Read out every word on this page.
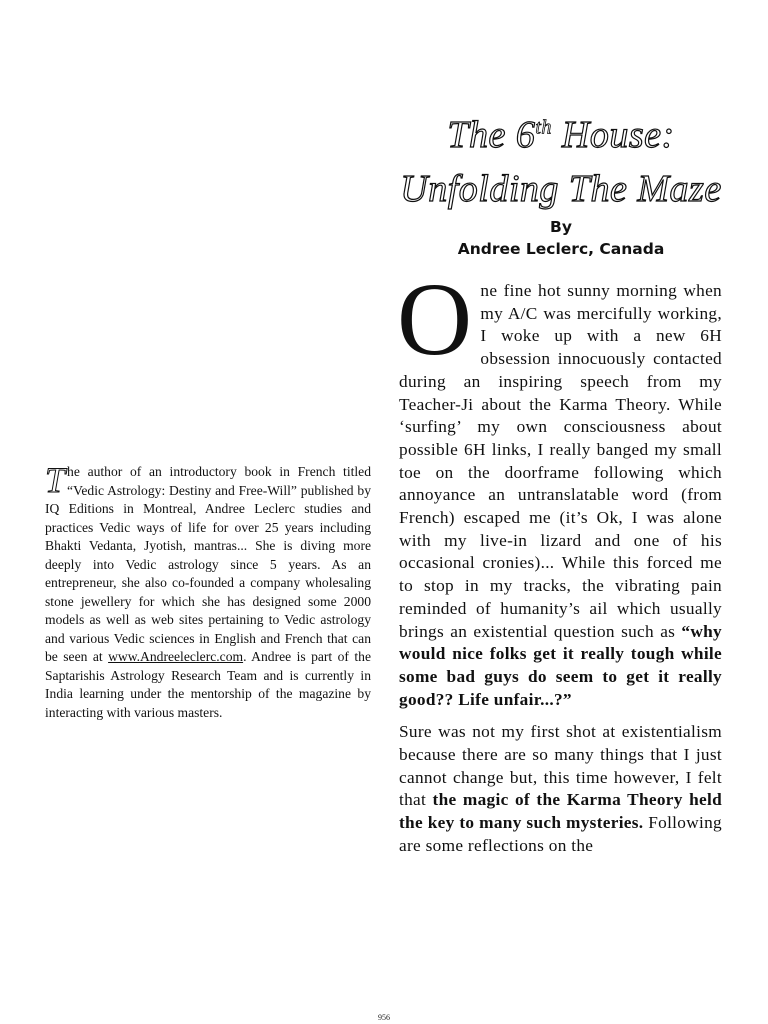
The 6th House:
Unfolding The Maze
By
Andree Leclerc, Canada

One fine hot sunny morning when my A/C was mercifully working, I woke up with a new 6H obsession innocuously contacted during an inspiring speech from my Teacher-Ji about the Karma Theory. While ‘surfing’ my own consciousness about possible 6H links, I really banged my small toe on the doorframe following which annoyance an untranslatable word (from French) escaped me (it’s Ok, I was alone with my live-in lizard and one of his occasional cronies)... While this forced me to stop in my tracks, the vibrating pain reminded of humanity’s ail which usually brings an existential question such as “why would nice folks get it really tough while some bad guys do seem to get it really good?? Life unfair...?”

Sure was not my first shot at existentialism because there are so many things that I just cannot change but, this time however, I felt that the magic of the Karma Theory held the key to many such mysteries. Following are some reflections on the

The author of an introductory book in French titled “Vedic Astrology: Destiny and Free-Will” published by IQ Editions in Montreal, Andree Leclerc studies and practices Vedic ways of life for over 25 years including Bhakti Vedanta, Jyotish, mantras... She is diving more deeply into Vedic astrology since 5 years. As an entrepreneur, she also co-founded a company wholesaling stone jewellery for which she has designed some 2000 models as well as web sites pertaining to Vedic astrology and various Vedic sciences in English and French that can be seen at www.Andreeleclerc.com. Andree is part of the Saptarishis Astrology Research Team and is currently in India learning under the mentorship of the magazine by interacting with various masters.
956
